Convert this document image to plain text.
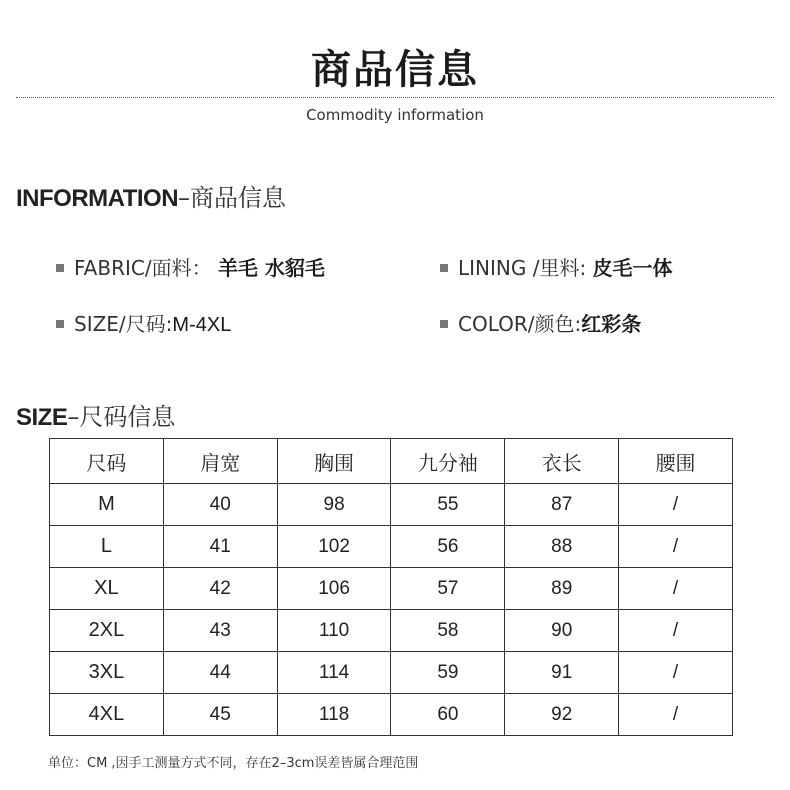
商品信息
Commodity information
INFORMATION–商品信息
FABRIC/面料： 羊毛 水貂毛	LINING /里料: 皮毛一体
SIZE/尺码:M-4XL	COLOR/颜色:红彩条
SIZE–尺码信息
尺码	肩宽	胸围	九分袖	衣长	腰围
M	40	98	55	87	/
L	41	102	56	88	/
XL	42	106	57	89	/
2XL	43	110	58	90	/
3XL	44	114	59	91	/
4XL	45	118	60	92	/
单位：CM ,因手工测量方式不同，存在2–3cm误差皆属合理范围
